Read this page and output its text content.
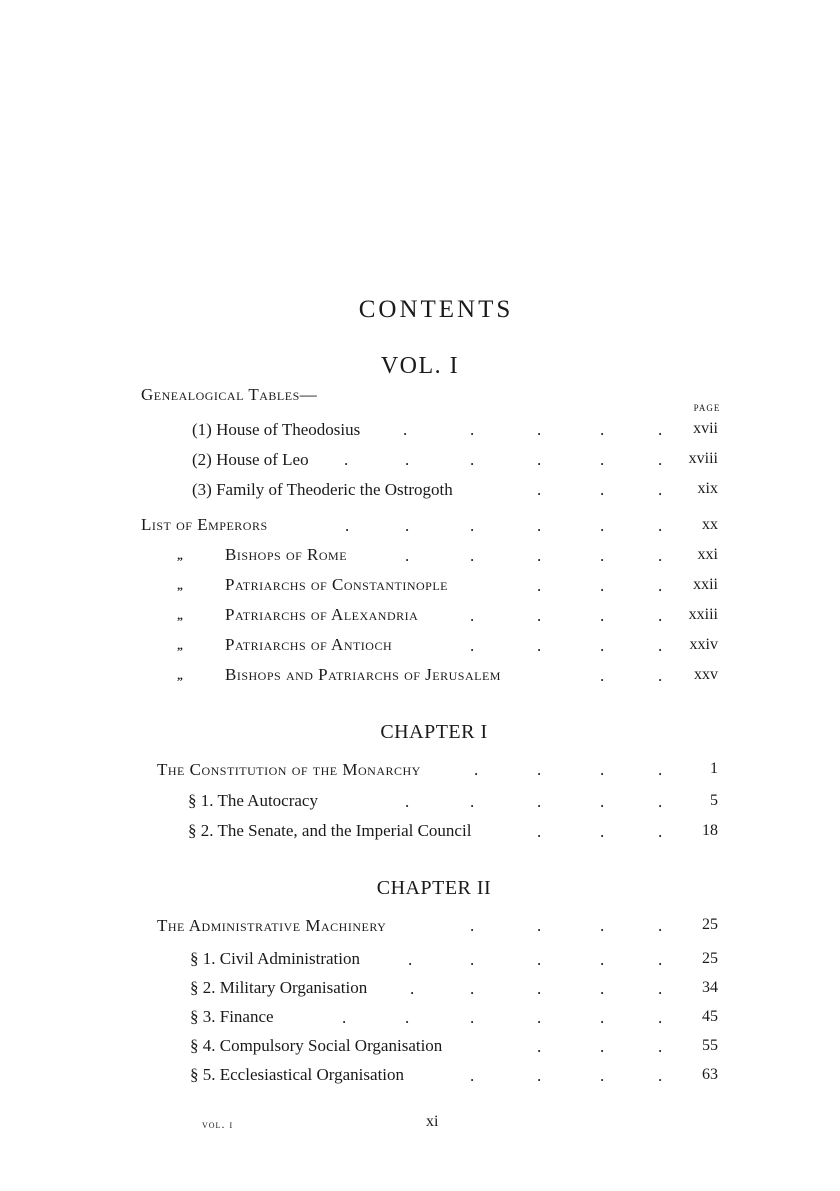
CONTENTS
VOL. I
Genealogical Tables—
PAGE
(1) House of Theodosius	xvii
(2) House of Leo	xviii
(3) Family of Theoderic the Ostrogoth	xix
List of Emperors	xx
„ Bishops of Rome	xxi
„ Patriarchs of Constantinople	xxii
„ Patriarchs of Alexandria	xxiii
„ Patriarchs of Antioch	xxiv
„ Bishops and Patriarchs of Jerusalem	xxv
CHAPTER I
The Constitution of the Monarchy	1
§ 1. The Autocracy	5
§ 2. The Senate, and the Imperial Council	18
CHAPTER II
The Administrative Machinery	25
§ 1. Civil Administration	25
§ 2. Military Organisation	34
§ 3. Finance	45
§ 4. Compulsory Social Organisation	55
§ 5. Ecclesiastical Organisation	63
vol. i	xi
.	.	.	.	.
.	.	.	.	.	.
.	.	.
.	.	.	.	.	.
.	.	.	.	.
.	.	.
.	.	.	.
.	.	.	.
.	.
.	.	.	.
.	.	.	.	.
.	.	.
.	.	.	.
.	.	.	.	.
.	.	.	.	.
.	.	.	.	.	.
.	.	.
.	.	.	.
